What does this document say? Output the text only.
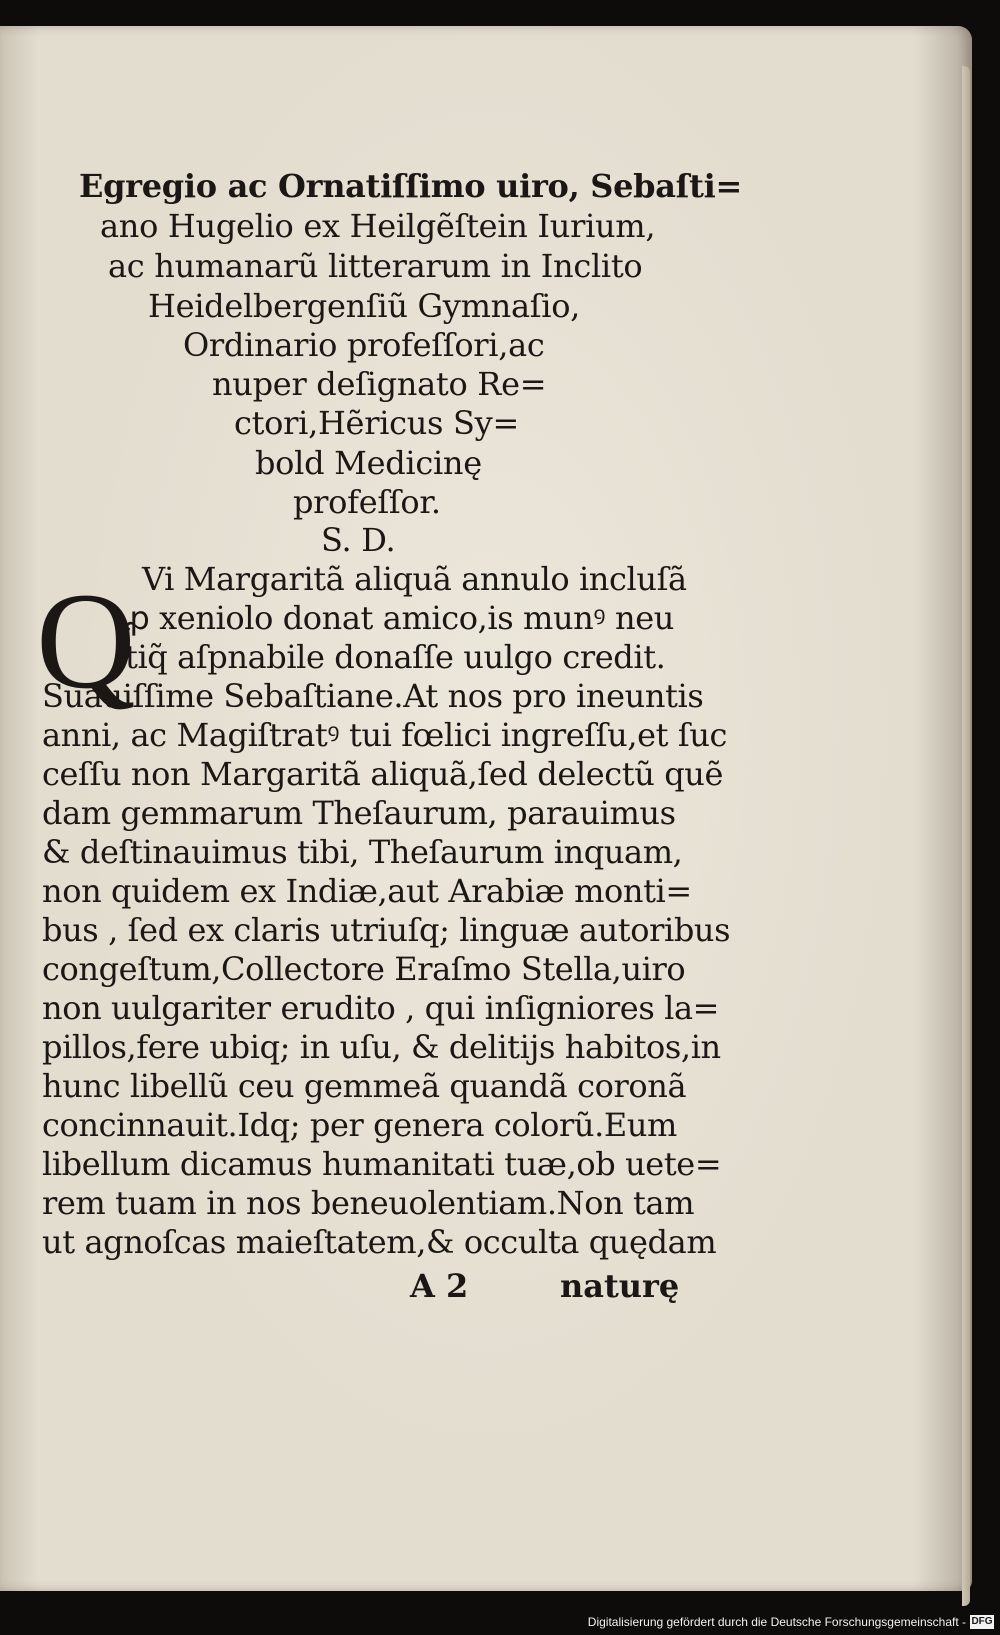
Egregio ac Ornatiſſimo uiro, Sebaſti=
ano Hugelio ex Heilgẽſtein Iurium,
ac humanarũ litterarum in Inclito
Heidelbergenſiũ Gymnaſio,
Ordinario profeſſori,ac
nuper deſignato Re=
ctori,Hẽricus Sy=
bold Medicinę
profeſſor.
S. D.
Q Vi Margaritã aliquã annulo incluſã
ꝓ xeniolo donat amico,is munꝰ neu
tiq̃ aſpnabile donaſſe uulgo credit.
Suauiſſime Sebaſtiane.At nos pro ineuntis
anni, ac Magiſtratꝰ tui fœlici ingreſſu,et ſuc
ceſſu non Margaritã aliquã,ſed delectũ quẽ
dam gemmarum Theſaurum, parauimus
& deſtinauimus tibi, Theſaurum inquam,
non quidem ex Indiæ,aut Arabiæ monti=
bus , ſed ex claris utriuſq; linguæ autoribus
congeſtum,Collectore Eraſmo Stella,uiro
non uulgariter erudito , qui inſigniores la=
pillos,fere ubiq; in uſu, & delitijs habitos,in
hunc libellũ ceu gemmeã quandã coronã
concinnauit.Idq; per genera colorũ.Eum
libellum dicamus humanitati tuæ,ob uete=
rem tuam in nos beneuolentiam.Non tam
ut agnoſcas maieſtatem,& occulta quędam
A 2	naturę
Digitalisierung gefördert durch die Deutsche Forschungsgemeinschaft - DFG
